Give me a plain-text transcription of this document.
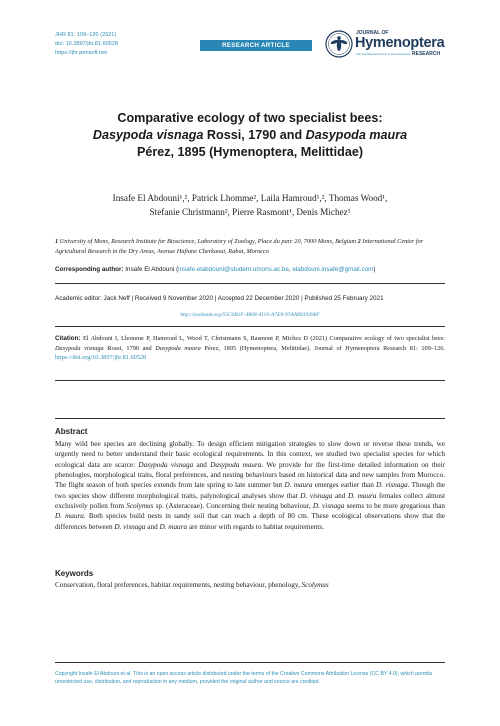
JHR 81: 109–126 (2021)
doi: 10.3897/jhr.81.60528
https://jhr.pensoft.net
RESEARCH ARTICLE
JOURNAL OF
Hymenoptera
The International Society of Hymenopterists RESEARCH
Comparative ecology of two specialist bees:
Dasypoda visnaga Rossi, 1790 and Dasypoda maura
Pérez, 1895 (Hymenoptera, Melittidae)
Insafe El Abdouni¹,², Patrick Lhomme², Laila Hamroud¹,², Thomas Wood¹,
Stefanie Christmann², Pierre Rasmont¹, Denis Michez¹
1 University of Mons, Research Institute for Bioscience, Laboratory of Zoology, Place du parc 20, 7000 Mons, Belgium 2 International Center for Agricultural Research in the Dry Areas, Avenue Hafiane Cherkaoui, Rabat, Morocco
Corresponding author: Insafe El Abdouni (insafe.elabdouni@student.umons.ac.be, elabdouni.insafe@gmail.com)
Academic editor: Jack Neff | Received 9 November 2020 | Accepted 22 December 2020 | Published 25 February 2021
http://zoobank.org/55C6B1F-4868-4119-A7E9-97AA8939398F
Citation: El Abdouni I, Lhomme P, Hamroud L, Wood T, Christmann S, Rasmont P, Michez D (2021) Comparative ecology of two specialist bees: Dasypoda visnaga Rossi, 1790 and Dasypoda maura Pérez, 1895 (Hymenoptera, Melittidae). Journal of Hymenoptera Research 81: 109–126. https://doi.org/10.3897/jhr.81.60528
Abstract
Many wild bee species are declining globally. To design efficient mitigation strategies to slow down or reverse these trends, we urgently need to better understand their basic ecological requirements. In this context, we studied two specialist species for which ecological data are scarce: Dasypoda visnaga and Dasypoda maura. We provide for the first-time detailed information on their phenologies, morphological traits, floral preferences, and nesting behaviours based on historical data and new samples from Morocco. The flight season of both species extends from late spring to late summer but D. maura emerges earlier than D. visnaga. Though the two species show different morphological traits, palynological analyses show that D. visnaga and D. maura females collect almost exclusively pollen from Scolymus sp. (Asteraceae). Concerning their nesting behaviour, D. visnaga seems to be more gregarious than D. maura. Both species build nests in sandy soil that can reach a depth of 80 cm. These ecological observations show that the differences between D. visnaga and D. maura are minor with regards to habitat requirements.
Keywords
Conservation, floral preferences, habitat requirements, nesting behaviour, phenology, Scolymus
Copyright Insafe El Abdouni et al. This is an open access article distributed under the terms of the Creative Commons Attribution License (CC BY 4.0), which permits unrestricted use, distribution, and reproduction in any medium, provided the original author and source are credited.
